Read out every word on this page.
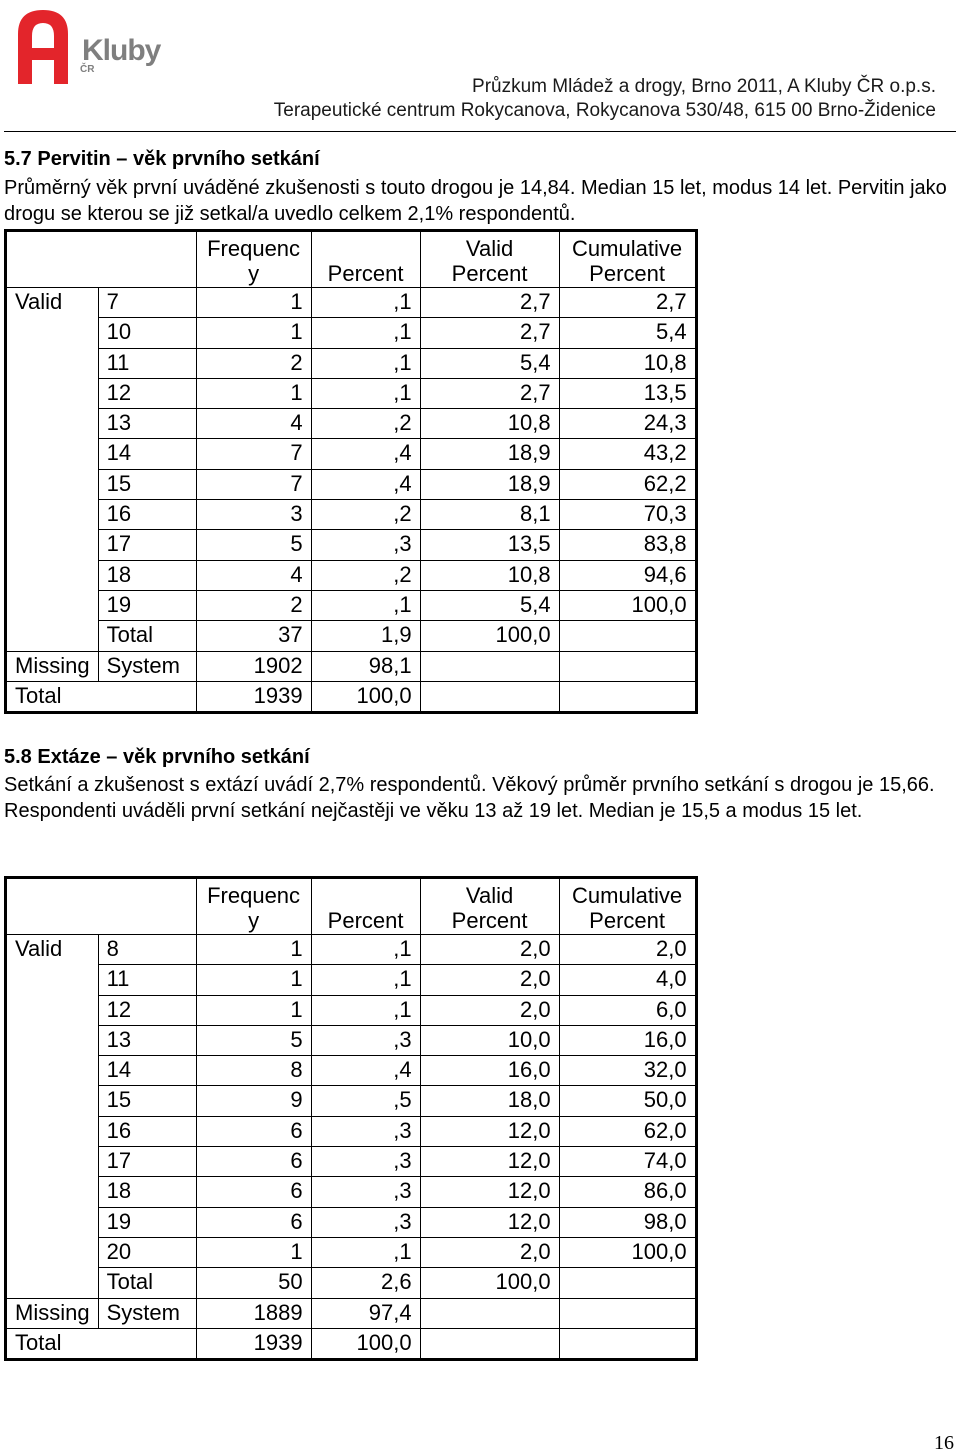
Kluby
ČR
Průzkum Mládež a drogy, Brno 2011, A Kluby ČR o.p.s.
Terapeutické centrum Rokycanova, Rokycanova 530/48, 615 00 Brno-Židenice
5.7 Pervitin – věk prvního setkání
Průměrný věk první uváděné zkušenosti s touto drogou je 14,84. Median 15 let, modus 14 let. Pervitin jako drogu se kterou se již setkal/a uvedlo celkem 2,1% respondentů.
		Frequenc y	Percent	Valid Percent	Cumulative Percent
Valid	7	1	,1	2,7	2,7
	10	1	,1	2,7	5,4
	11	2	,1	5,4	10,8
	12	1	,1	2,7	13,5
	13	4	,2	10,8	24,3
	14	7	,4	18,9	43,2
	15	7	,4	18,9	62,2
	16	3	,2	8,1	70,3
	17	5	,3	13,5	83,8
	18	4	,2	10,8	94,6
	19	2	,1	5,4	100,0
	Total	37	1,9	100,0	
Missing	System	1902	98,1		
Total		1939	100,0		
5.8 Extáze – věk prvního setkání
Setkání a zkušenost s extází uvádí 2,7% respondentů. Věkový průměr prvního setkání s drogou je 15,66. Respondenti uváděli první setkání nejčastěji ve věku 13 až 19 let. Median je 15,5 a modus 15 let.
		Frequenc y	Percent	Valid Percent	Cumulative Percent
Valid	8	1	,1	2,0	2,0
	11	1	,1	2,0	4,0
	12	1	,1	2,0	6,0
	13	5	,3	10,0	16,0
	14	8	,4	16,0	32,0
	15	9	,5	18,0	50,0
	16	6	,3	12,0	62,0
	17	6	,3	12,0	74,0
	18	6	,3	12,0	86,0
	19	6	,3	12,0	98,0
	20	1	,1	2,0	100,0
	Total	50	2,6	100,0	
Missing	System	1889	97,4		
Total		1939	100,0		
16
